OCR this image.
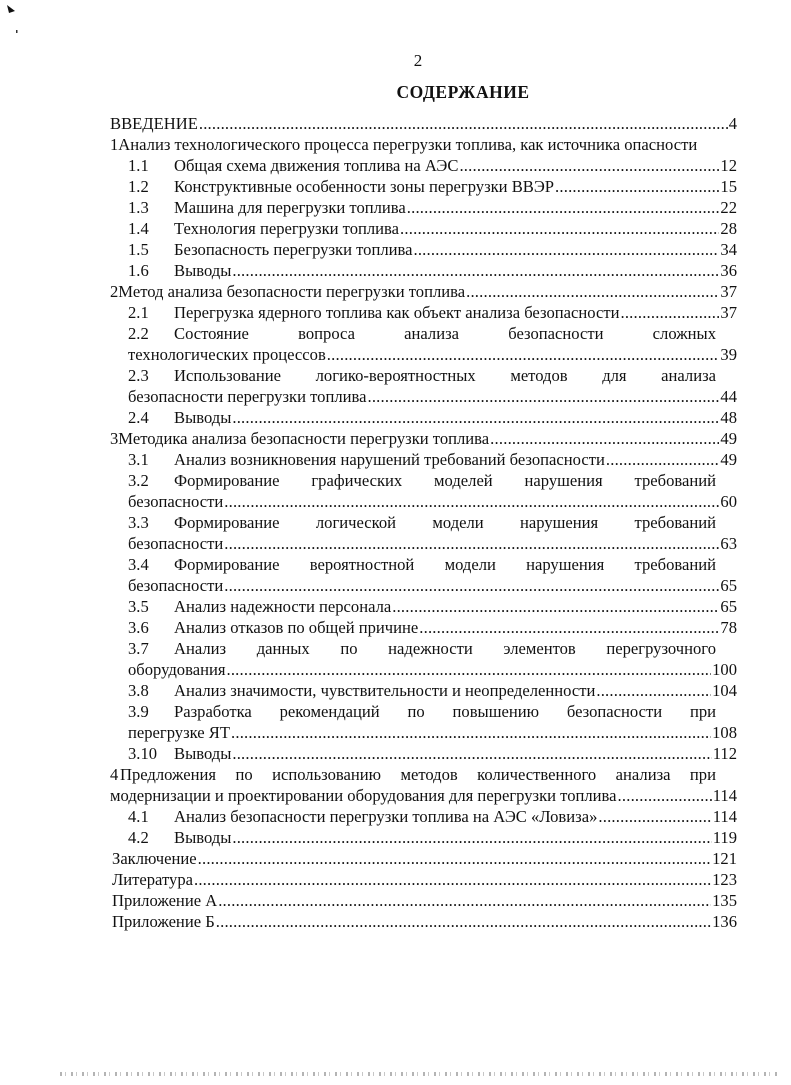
2
СОДЕРЖАНИЕ
ВВЕДЕНИЕ .....	4
1 Анализ технологического процесса перегрузки топлива, как источника опасности
1.1	Общая схема движения топлива на АЭС .....	12
1.2	Конструктивные особенности зоны перегрузки ВВЭР .....	15
1.3	Машина для перегрузки топлива .....	22
1.4	Технология перегрузки топлива .....	28
1.5	Безопасность перегрузки топлива .....	34
1.6	Выводы .....	36
2 Метод анализа безопасности перегрузки топлива .....	37
2.1	Перегрузка ядерного топлива как объект анализа безопасности .....	37
2.2	Состояние вопроса анализа безопасности сложных
технологических процессов .....	39
2.3	Использование логико-вероятностных методов для анализа
безопасности перегрузки топлива .....	44
2.4	Выводы .....	48
3 Методика анализа безопасности перегрузки топлива .....	49
3.1	Анализ возникновения нарушений требований безопасности .....	49
3.2	Формирование графических моделей нарушения требований
безопасности .....	60
3.3	Формирование логической модели нарушения требований
безопасности .....	63
3.4	Формирование вероятностной модели нарушения требований
безопасности .....	65
3.5	Анализ надежности персонала .....	65
3.6	Анализ отказов по общей причине .....	78
3.7	Анализ данных по надежности элементов перегрузочного
оборудования .....	100
3.8	Анализ значимости, чувствительности и неопределенности .....	104
3.9	Разработка рекомендаций по повышению безопасности при
перегрузке ЯТ .....	108
3.10	Выводы .....	112
4 Предложения по использованию методов количественного анализа при
модернизации и проектировании оборудования для перегрузки топлива .....	114
4.1	Анализ безопасности перегрузки топлива на АЭС «Ловиза» .....	114
4.2	Выводы .....	119
Заключение .....	121
Литература .....	123
Приложение А .....	135
Приложение Б .....	136
